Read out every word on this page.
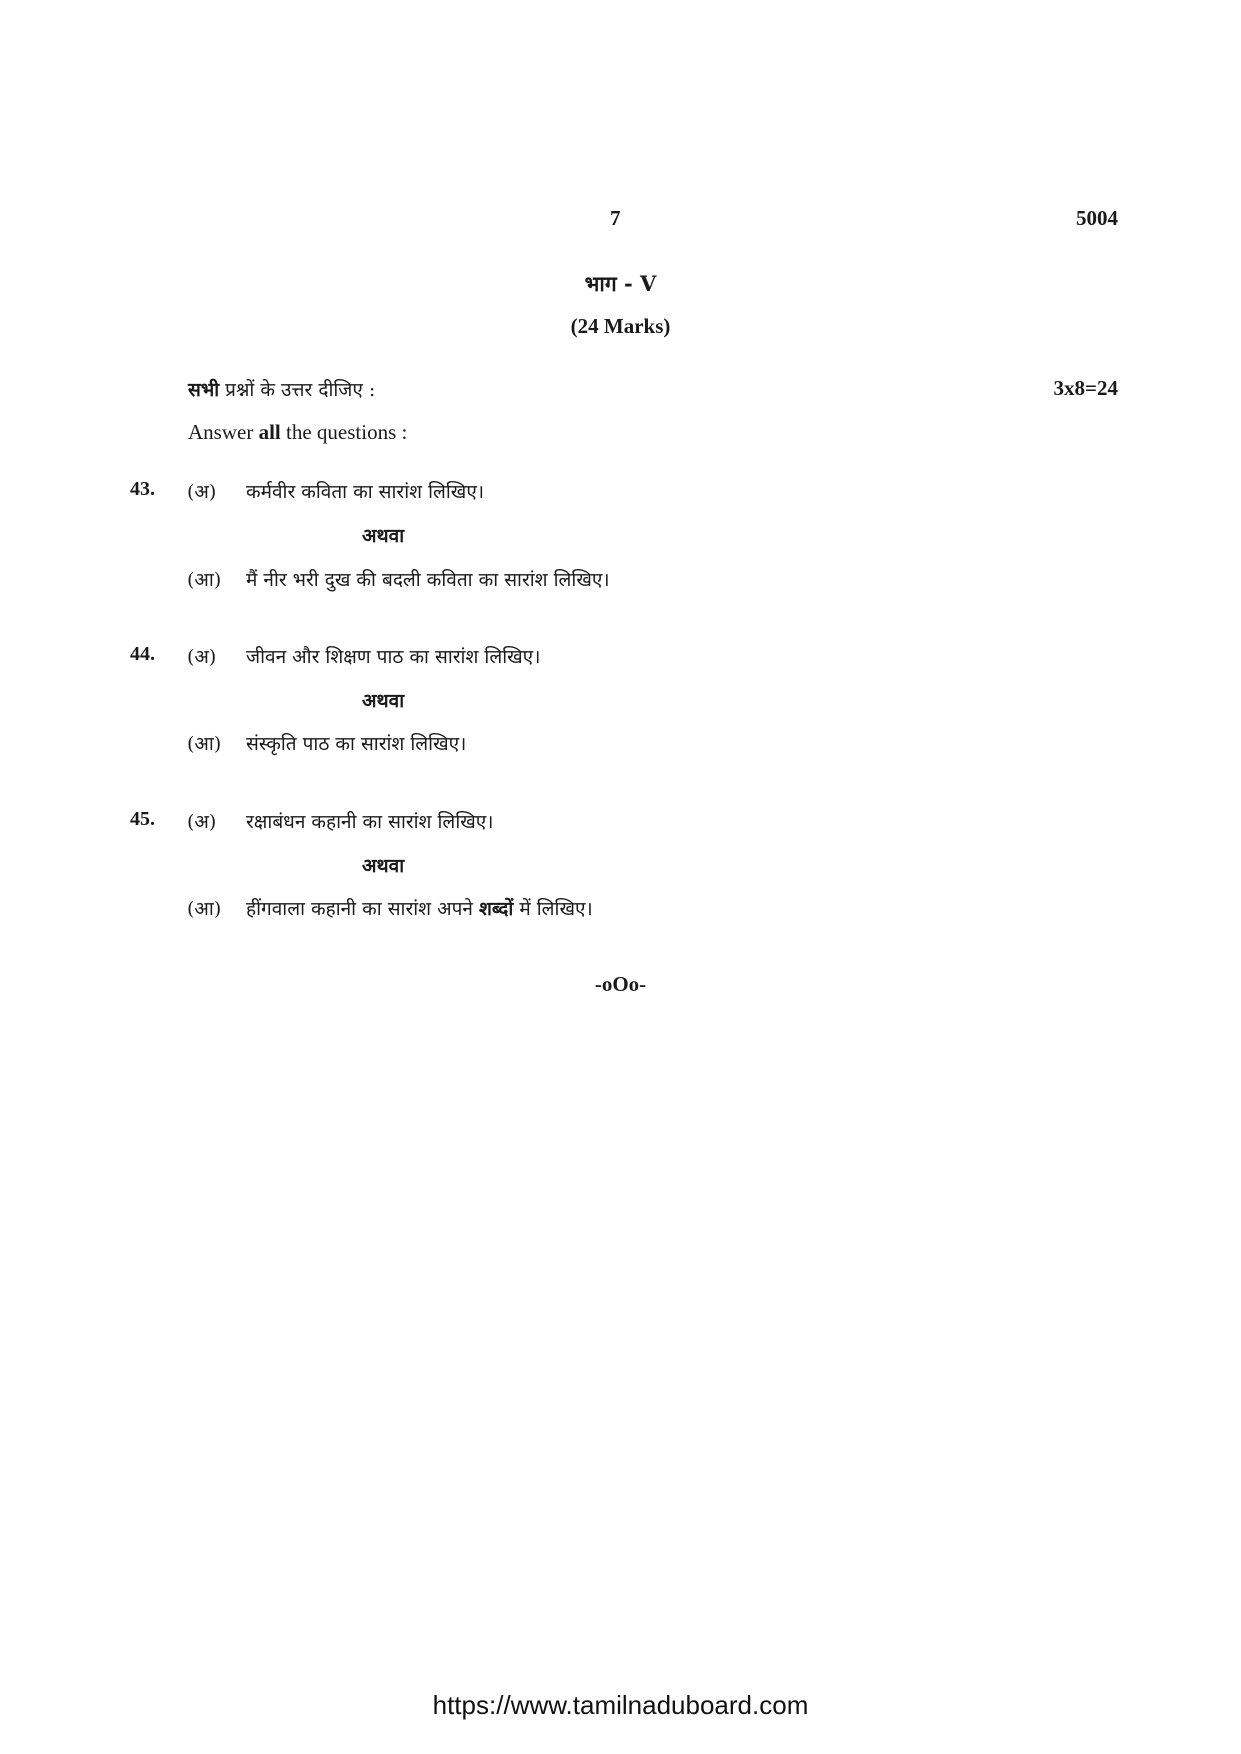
7	5004
भाग - V
(24 Marks)
सभी प्रश्नों के उत्तर दीजिए :	3x8=24
Answer all the questions :
43. (अ) कर्मवीर कविता का सारांश लिखिए।
अथवा
(आ) मैं नीर भरी दुख की बदली कविता का सारांश लिखिए।
44. (अ) जीवन और शिक्षण पाठ का सारांश लिखिए।
अथवा
(आ) संस्कृति पाठ का सारांश लिखिए।
45. (अ) रक्षाबंधन कहानी का सारांश लिखिए।
अथवा
(आ) हींगवाला कहानी का सारांश अपने शब्दों में लिखिए।
-oOo-
https://www.tamilnaduboard.com
